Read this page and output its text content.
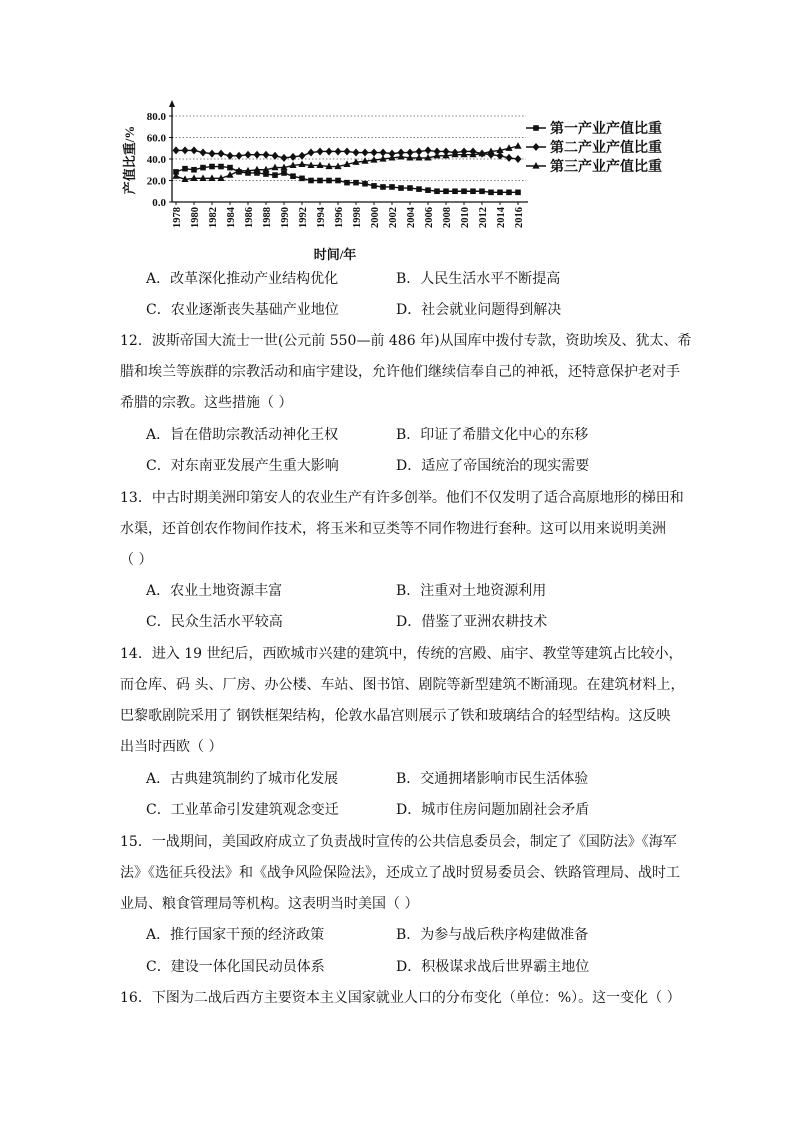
80.0
60.0
40.0
20.0
0.0
产值比重/%
1978 1980 1982 1984 1986 1988 1990 1992 1994 1996 1998 2000 2002 2004 2006 2008 2010 2012 2014 2016
时间/年
第一产业产值比重
第二产业产值比重
第三产业产值比重
A．改革深化推动产业结构优化	B．人民生活水平不断提高
C．农业逐渐丧失基础产业地位	D．社会就业问题得到解决
12．波斯帝国大流士一世(公元前 550—前 486 年)从国库中拨付专款，资助埃及、犹太、希
腊和埃兰等族群的宗教活动和庙宇建设，允许他们继续信奉自己的神祇，还特意保护老对手
希腊的宗教。这些措施（ ）
A．旨在借助宗教活动神化王权	B．印证了希腊文化中心的东移
C．对东南亚发展产生重大影响	D．适应了帝国统治的现实需要
13．中古时期美洲印第安人的农业生产有许多创举。他们不仅发明了适合高原地形的梯田和
水渠，还首创农作物间作技术，将玉米和豆类等不同作物进行套种。这可以用来说明美洲
（ ）
A．农业土地资源丰富	B．注重对土地资源利用
C．民众生活水平较高	D．借鉴了亚洲农耕技术
14．进入 19 世纪后，西欧城市兴建的建筑中，传统的宫殿、庙宇、教堂等建筑占比较小，
而仓库、码 头、厂房、办公楼、车站、图书馆、剧院等新型建筑不断涌现。在建筑材料上，
巴黎歌剧院采用了 钢铁框架结构，伦敦水晶宫则展示了铁和玻璃结合的轻型结构。这反映
出当时西欧（ ）
A．古典建筑制约了城市化发展	B．交通拥堵影响市民生活体验
C．工业革命引发建筑观念变迁	D．城市住房问题加剧社会矛盾
15．一战期间，美国政府成立了负责战时宣传的公共信息委员会，制定了《国防法》《海军
法》《选征兵役法》和《战争风险保险法》，还成立了战时贸易委员会、铁路管理局、战时工
业局、粮食管理局等机构。这表明当时美国（ ）
A．推行国家干预的经济政策	B．为参与战后秩序构建做准备
C．建设一体化国民动员体系	D．积极谋求战后世界霸主地位
16．下图为二战后西方主要资本主义国家就业人口的分布变化（单位：%）。这一变化（ ）
